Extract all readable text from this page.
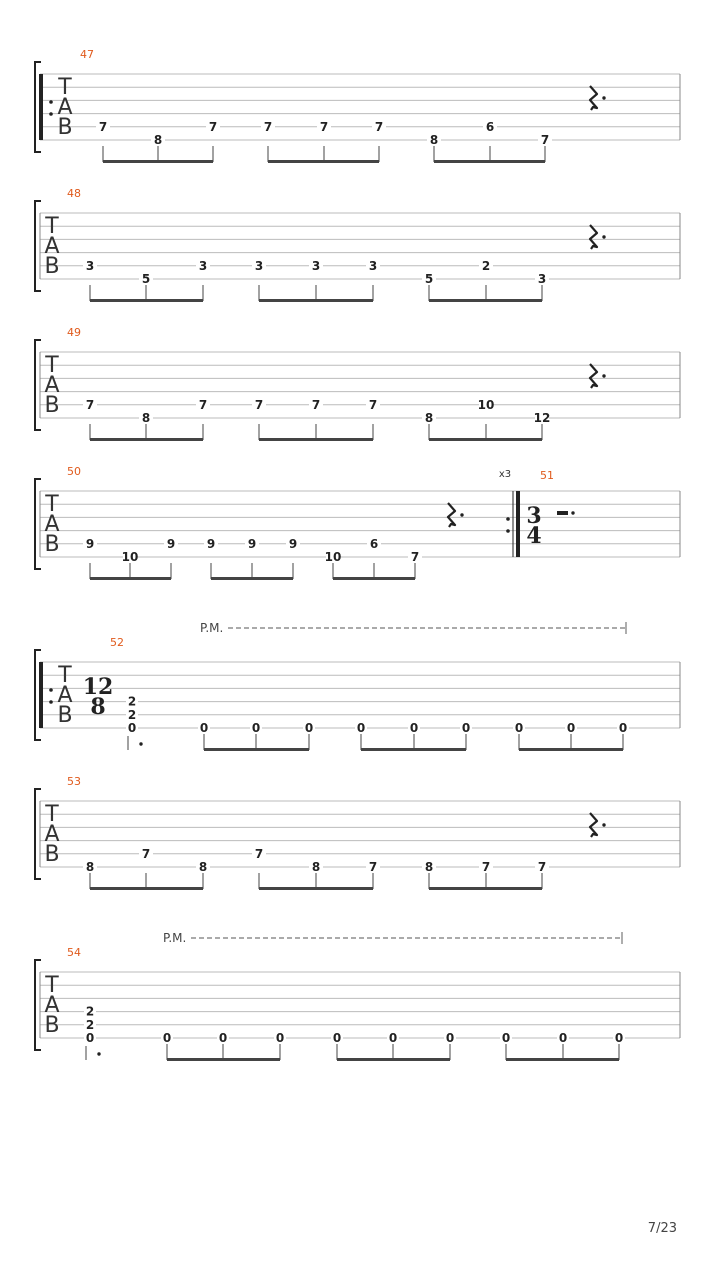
T
A
B
47
7
8
7	7	7	7
8
6
7
T
A
B
48
3
5
3	3	3	3
5
2
3
T
A
B
49
7
8
7	7	7	7
8
10
12
T
A
B
50
9
10
9	9	9	9
10
6
7
x3	51
3
4
T
A
B
52
P.M.
12
8 2
2
0	0	0	0	0	0	0	0	0	0
T
A
B
53
8
7
8
7
8	7	8	7	7
T
A
B
54
P.M.
2
2
0	0	0	0	0	0	0	0	0	0
7/23
